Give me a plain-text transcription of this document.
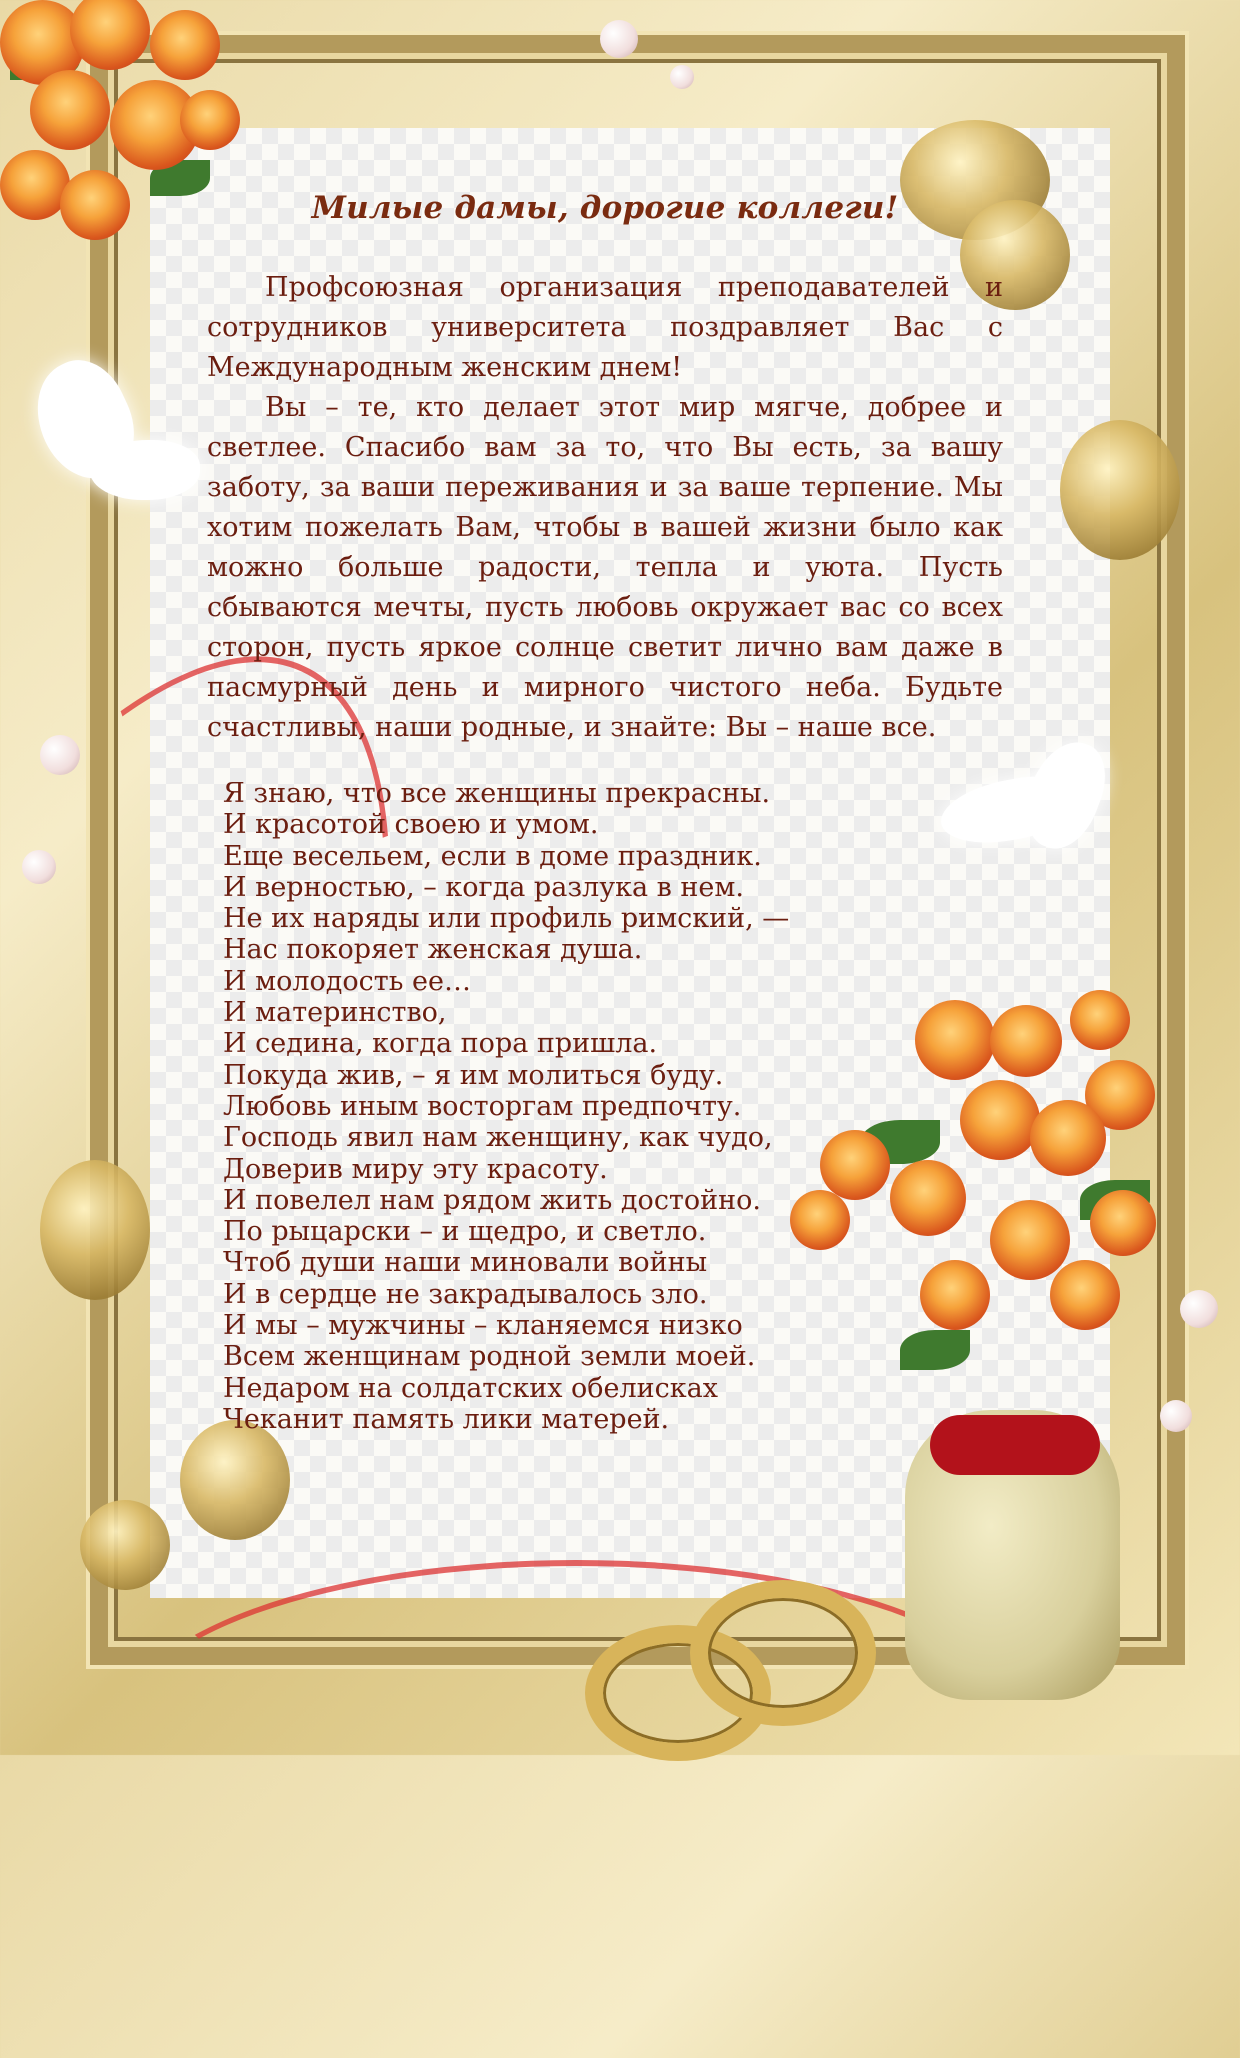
Милые дамы, дорогие коллеги!

Профсоюзная организация преподавателей и сотрудников университета поздравляет Вас с Международным женским днем!

Вы – те, кто делает этот мир мягче, добрее и светлее. Спасибо вам за то, что Вы есть, за вашу заботу, за ваши переживания и за ваше терпение. Мы хотим пожелать Вам, чтобы в вашей жизни было как можно больше радости, тепла и уюта. Пусть сбываются мечты, пусть любовь окружает вас со всех сторон, пусть яркое солнце светит лично вам даже в пасмурный день и мирного чистого неба. Будьте счастливы, наши родные, и знайте: Вы – наше все.

Я знаю, что все женщины прекрасны.
И красотой своею и умом.
Еще весельем, если в доме праздник.
И верностью, – когда разлука в нем.
Не их наряды или профиль римский, —
Нас покоряет женская душа.
И молодость ее…
И материнство,
И седина, когда пора пришла.
Покуда жив, – я им молиться буду.
Любовь иным восторгам предпочту.
Господь явил нам женщину, как чудо,
Доверив миру эту красоту.
И повелел нам рядом жить достойно.
По рыцарски – и щедро, и светло.
Чтоб души наши миновали войны
И в сердце не закрадывалось зло.
И мы – мужчины – кланяемся низко
Всем женщинам родной земли моей.
Недаром на солдатских обелисках
Чеканит память лики матерей.
